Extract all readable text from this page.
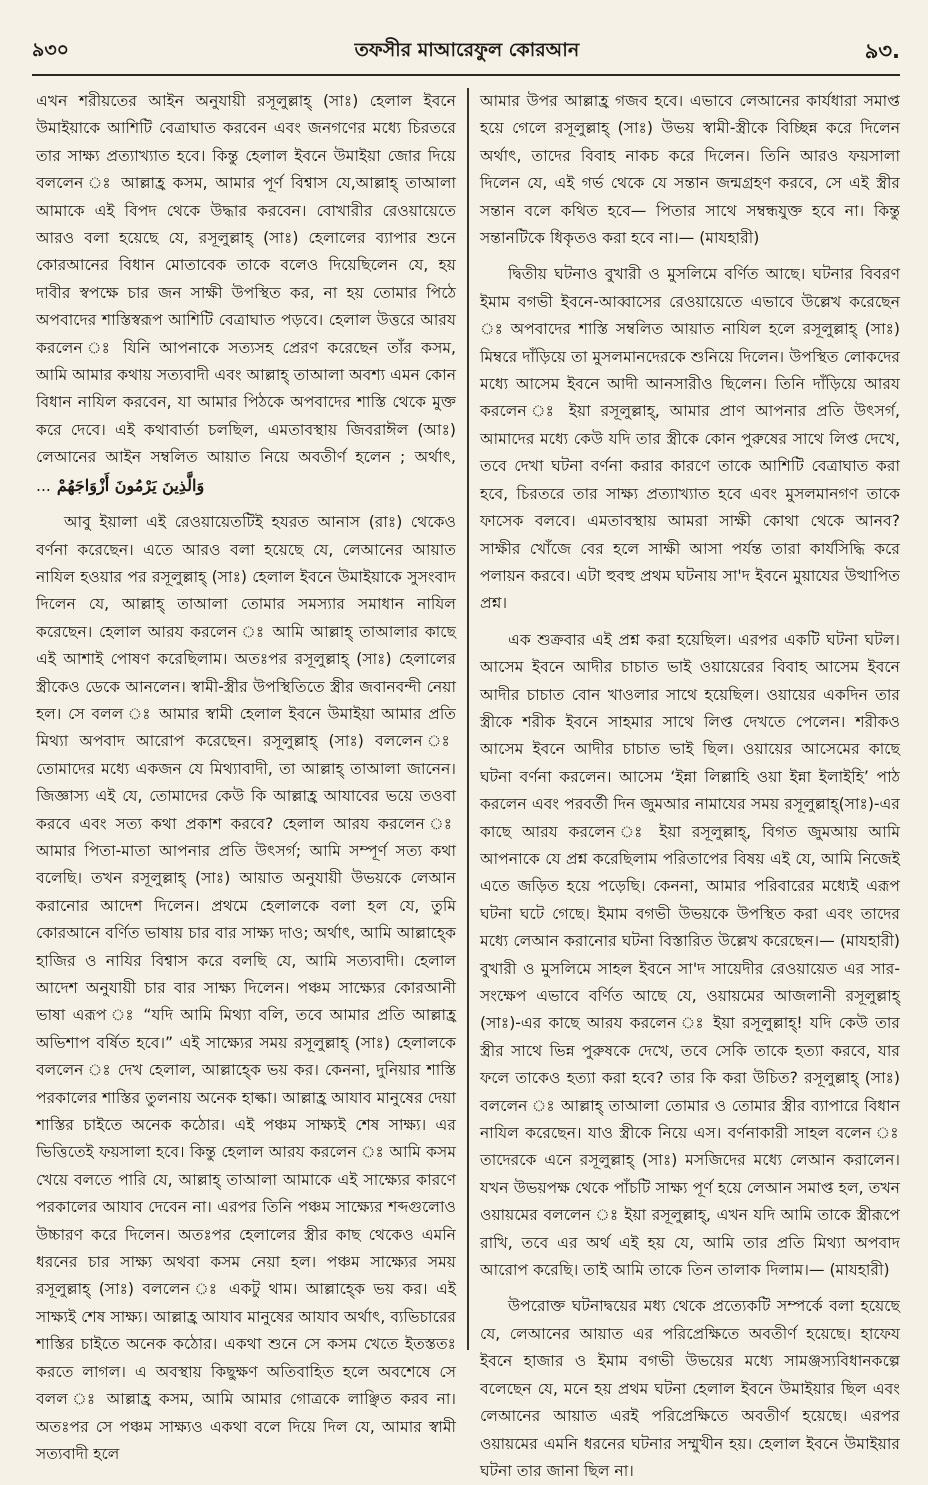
৯৩০	তফসীর মাআরেফুল কোরআন	৯৩.

এখন শরীয়তের আইন অনুযায়ী রসূলুল্লাহ্ (সাঃ) হেলাল ইবনে উমাইয়াকে আশিটি বেত্রাঘাত করবেন এবং জনগণের মধ্যে চিরতরে তার সাক্ষ্য প্রত্যাখ্যাত হবে। কিন্তু হেলাল ইবনে উমাইয়া জোর দিয়ে বললেন ঃ আল্লাহ্র কসম, আমার পূর্ণ বিশ্বাস যে,আল্লাহ্ তাআলা আমাকে এই বিপদ থেকে উদ্ধার করবেন। বোখারীর রেওয়ায়েতে আরও বলা হয়েছে যে, রসূলুল্লাহ্ (সাঃ) হেলালের ব্যাপার শুনে কোরআনের বিধান মোতাবেক তাকে বলেও দিয়েছিলেন যে, হয় দাবীর স্বপক্ষে চার জন সাক্ষী উপস্থিত কর, না হয় তোমার পিঠে অপবাদের শাস্তিস্বরূপ আশিটি বেত্রাঘাত পড়বে। হেলাল উত্তরে আরয করলেন ঃ যিনি আপনাকে সত্যসহ প্রেরণ করেছেন তাঁর কসম, আমি আমার কথায় সত্যবাদী এবং আল্লাহ্ তাআলা অবশ্য এমন কোন বিধান নাযিল করবেন, যা আমার পিঠকে অপবাদের শাস্তি থেকে মুক্ত করে দেবে। এই কথাবার্তা চলছিল, এমতাবস্থায় জিবরাঈল (আঃ) লেআনের আইন সম্বলিত আয়াত নিয়ে অবতীর্ণ হলেন ; অর্থাৎ, ... وَالَّذِينَ يَرْمُونَ أَزْوَاجَهُمْ

আবু ইয়ালা এই রেওয়ায়েতটিই হযরত আনাস (রাঃ) থেকেও বর্ণনা করেছেন। এতে আরও বলা হয়েছে যে, লেআনের আয়াত নাযিল হওয়ার পর রসূলুল্লাহ্ (সাঃ) হেলাল ইবনে উমাইয়াকে সুসংবাদ দিলেন যে, আল্লাহ্ তাআলা তোমার সমস্যার সমাধান নাযিল করেছেন। হেলাল আরয করলেন ঃ আমি আল্লাহ্ তাআলার কাছে এই আশাই পোষণ করেছিলাম। অতঃপর রসূলুল্লাহ্ (সাঃ) হেলালের স্ত্রীকেও ডেকে আনলেন। স্বামী-স্ত্রীর উপস্থিতিতে স্ত্রীর জবানবন্দী নেয়া হল। সে বলল ঃ আমার স্বামী হেলাল ইবনে উমাইয়া আমার প্রতি মিথ্যা অপবাদ আরোপ করেছেন। রসূলুল্লাহ্ (সাঃ) বললেন ঃ তোমাদের মধ্যে একজন যে মিথ্যাবাদী, তা আল্লাহ্ তাআলা জানেন। জিজ্ঞাস্য এই যে, তোমাদের কেউ কি আল্লাহ্র আযাবের ভয়ে তওবা করবে এবং সত্য কথা প্রকাশ করবে? হেলাল আরয করলেন ঃ আমার পিতা-মাতা আপনার প্রতি উৎসর্গ; আমি সম্পূর্ণ সত্য কথা বলেছি। তখন রসূলুল্লাহ্ (সাঃ) আয়াত অনুযায়ী উভয়কে লেআন করানোর আদেশ দিলেন। প্রথমে হেলালকে বলা হল যে, তুমি কোরআনে বর্ণিত ভাষায় চার বার সাক্ষ্য দাও; অর্থাৎ, আমি আল্লাহ্কে হাজির ও নাযির বিশ্বাস করে বলছি যে, আমি সত্যবাদী। হেলাল আদেশ অনুযায়ী চার বার সাক্ষ্য দিলেন। পঞ্চম সাক্ষ্যের কোরআনী ভাষা এরূপ ঃ “যদি আমি মিথ্যা বলি, তবে আমার প্রতি আল্লাহ্র অভিশাপ বর্ষিত হবে।” এই সাক্ষ্যের সময় রসূলুল্লাহ্ (সাঃ) হেলালকে বললেন ঃ দেখ হেলাল, আল্লাহ্কে ভয় কর। কেননা, দুনিয়ার শাস্তি পরকালের শাস্তির তুলনায় অনেক হাল্কা। আল্লাহ্র আযাব মানুষের দেয়া শাস্তির চাইতে অনেক কঠোর। এই পঞ্চম সাক্ষ্যই শেষ সাক্ষ্য। এর ভিত্তিতেই ফয়সালা হবে। কিন্তু হেলাল আরয করলেন ঃ আমি কসম খেয়ে বলতে পারি যে, আল্লাহ্ তাআলা আমাকে এই সাক্ষ্যের কারণে পরকালের আযাব দেবেন না। এরপর তিনি পঞ্চম সাক্ষ্যের শব্দগুলোও উচ্চারণ করে দিলেন। অতঃপর হেলালের স্ত্রীর কাছ থেকেও এমনি ধরনের চার সাক্ষ্য অথবা কসম নেয়া হল। পঞ্চম সাক্ষ্যের সময় রসূলুল্লাহ্ (সাঃ) বললেন ঃ একটু থাম। আল্লাহ্কে ভয় কর। এই সাক্ষ্যই শেষ সাক্ষ্য। আল্লাহ্র আযাব মানুষের আযাব অর্থাৎ, ব্যভিচারের শাস্তির চাইতে অনেক কঠোর। একথা শুনে সে কসম খেতে ইতস্ততঃ করতে লাগল। এ অবস্থায় কিছুক্ষণ অতিবাহিত হলে অবশেষে সে বলল ঃ আল্লাহ্র কসম, আমি আমার গোত্রকে লাঞ্ছিত করব না। অতঃপর সে পঞ্চম সাক্ষ্যও একথা বলে দিয়ে দিল যে, আমার স্বামী সত্যবাদী হলে

আমার উপর আল্লাহ্র গজব হবে। এভাবে লেআনের কার্যধারা সমাপ্ত হয়ে গেলে রসূলুল্লাহ্ (সাঃ) উভয় স্বামী-স্ত্রীকে বিচ্ছিন্ন করে দিলেন অর্থাৎ, তাদের বিবাহ নাকচ করে দিলেন। তিনি আরও ফয়সালা দিলেন যে, এই গর্ভ থেকে যে সন্তান জন্মগ্রহণ করবে, সে এই স্ত্রীর সন্তান বলে কথিত হবে— পিতার সাথে সম্বন্ধযুক্ত হবে না। কিন্তু সন্তানটিকে ধিকৃতও করা হবে না।— (মাযহারী)

দ্বিতীয় ঘটনাও বুখারী ও মুসলিমে বর্ণিত আছে। ঘটনার বিবরণ ইমাম বগভী ইবনে-আব্বাসের রেওয়ায়েতে এভাবে উল্লেখ করেছেন ঃ অপবাদের শাস্তি সম্বলিত আয়াত নাযিল হলে রসূলুল্লাহ্ (সাঃ) মিম্বরে দাঁড়িয়ে তা মুসলমানদেরকে শুনিয়ে দিলেন। উপস্থিত লোকদের মধ্যে আসেম ইবনে আদী আনসারীও ছিলেন। তিনি দাঁড়িয়ে আরয করলেন ঃ ইয়া রসূলুল্লাহ্, আমার প্রাণ আপনার প্রতি উৎসর্গ, আমাদের মধ্যে কেউ যদি তার স্ত্রীকে কোন পুরুষের সাথে লিপ্ত দেখে, তবে দেখা ঘটনা বর্ণনা করার কারণে তাকে আশিটি বেত্রাঘাত করা হবে, চিরতরে তার সাক্ষ্য প্রত্যাখ্যাত হবে এবং মুসলমানগণ তাকে ফাসেক বলবে। এমতাবস্থায় আমরা সাক্ষী কোথা থেকে আনব? সাক্ষীর খোঁজে বের হলে সাক্ষী আসা পর্যন্ত তারা কার্যসিদ্ধি করে পলায়ন করবে। এটা হুবহু প্রথম ঘটনায় সা'দ ইবনে মুয়াযের উত্থাপিত প্রশ্ন।

এক শুক্রবার এই প্রশ্ন করা হয়েছিল। এরপর একটি ঘটনা ঘটল। আসেম ইবনে আদীর চাচাত ভাই ওয়ায়েরের বিবাহ আসেম ইবনে আদীর চাচাত বোন খাওলার সাথে হয়েছিল। ওয়ায়ের একদিন তার স্ত্রীকে শরীক ইবনে সাহমার সাথে লিপ্ত দেখতে পেলেন। শরীকও আসেম ইবনে আদীর চাচাত ভাই ছিল। ওয়ায়ের আসেমের কাছে ঘটনা বর্ণনা করলেন। আসেম ‘ইন্না লিল্লাহি ওয়া ইন্না ইলাইহি’ পাঠ করলেন এবং পরবর্তী দিন জুমআর নামাযের সময় রসূলুল্লাহ্(সাঃ)-এর কাছে আরয করলেন ঃ ইয়া রসূলুল্লাহ্, বিগত জুমআয় আমি আপনাকে যে প্রশ্ন করেছিলাম পরিতাপের বিষয় এই যে, আমি নিজেই এতে জড়িত হয়ে পড়েছি। কেননা, আমার পরিবারের মধ্যেই এরূপ ঘটনা ঘটে গেছে। ইমাম বগভী উভয়কে উপস্থিত করা এবং তাদের মধ্যে লেআন করানোর ঘটনা বিস্তারিত উল্লেখ করেছেন।— (মাযহারী) বুখারী ও মুসলিমে সাহল ইবনে সা'দ সায়েদীর রেওয়ায়েত এর সার-সংক্ষেপ এভাবে বর্ণিত আছে যে, ওয়ায়মের আজলানী রসূলুল্লাহ্ (সাঃ)-এর কাছে আরয করলেন ঃ ইয়া রসূলুল্লাহ্! যদি কেউ তার স্ত্রীর সাথে ভিন্ন পুরুষকে দেখে, তবে সেকি তাকে হত্যা করবে, যার ফলে তাকেও হত্যা করা হবে? তার কি করা উচিত? রসূলুল্লাহ্ (সাঃ) বললেন ঃ আল্লাহ্ তাআলা তোমার ও তোমার স্ত্রীর ব্যাপারে বিধান নাযিল করেছেন। যাও স্ত্রীকে নিয়ে এস। বর্ণনাকারী সাহল বলেন ঃ তাদেরকে এনে রসূলুল্লাহ্ (সাঃ) মসজিদের মধ্যে লেআন করালেন। যখন উভয়পক্ষ থেকে পাঁচটি সাক্ষ্য পূর্ণ হয়ে লেআন সমাপ্ত হল, তখন ওয়ায়মের বললেন ঃ ইয়া রসূলুল্লাহ্, এখন যদি আমি তাকে স্ত্রীরূপে রাখি, তবে এর অর্থ এই হয় যে, আমি তার প্রতি মিথ্যা অপবাদ আরোপ করেছি। তাই আমি তাকে তিন তালাক দিলাম।— (মাযহারী)

উপরোক্ত ঘটনাদ্বয়ের মধ্য থেকে প্রত্যেকটি সম্পর্কে বলা হয়েছে যে, লেআনের আয়াত এর পরিপ্রেক্ষিতে অবতীর্ণ হয়েছে। হাফেয ইবনে হাজার ও ইমাম বগভী উভয়ের মধ্যে সামঞ্জস্যবিধানকল্পে বলেছেন যে, মনে হয় প্রথম ঘটনা হেলাল ইবনে উমাইয়ার ছিল এবং লেআনের আয়াত এরই পরিপ্রেক্ষিতে অবতীর্ণ হয়েছে। এরপর ওয়ায়মের এমনি ধরনের ঘটনার সম্মুখীন হয়। হেলাল ইবনে উমাইয়ার ঘটনা তার জানা ছিল না।
